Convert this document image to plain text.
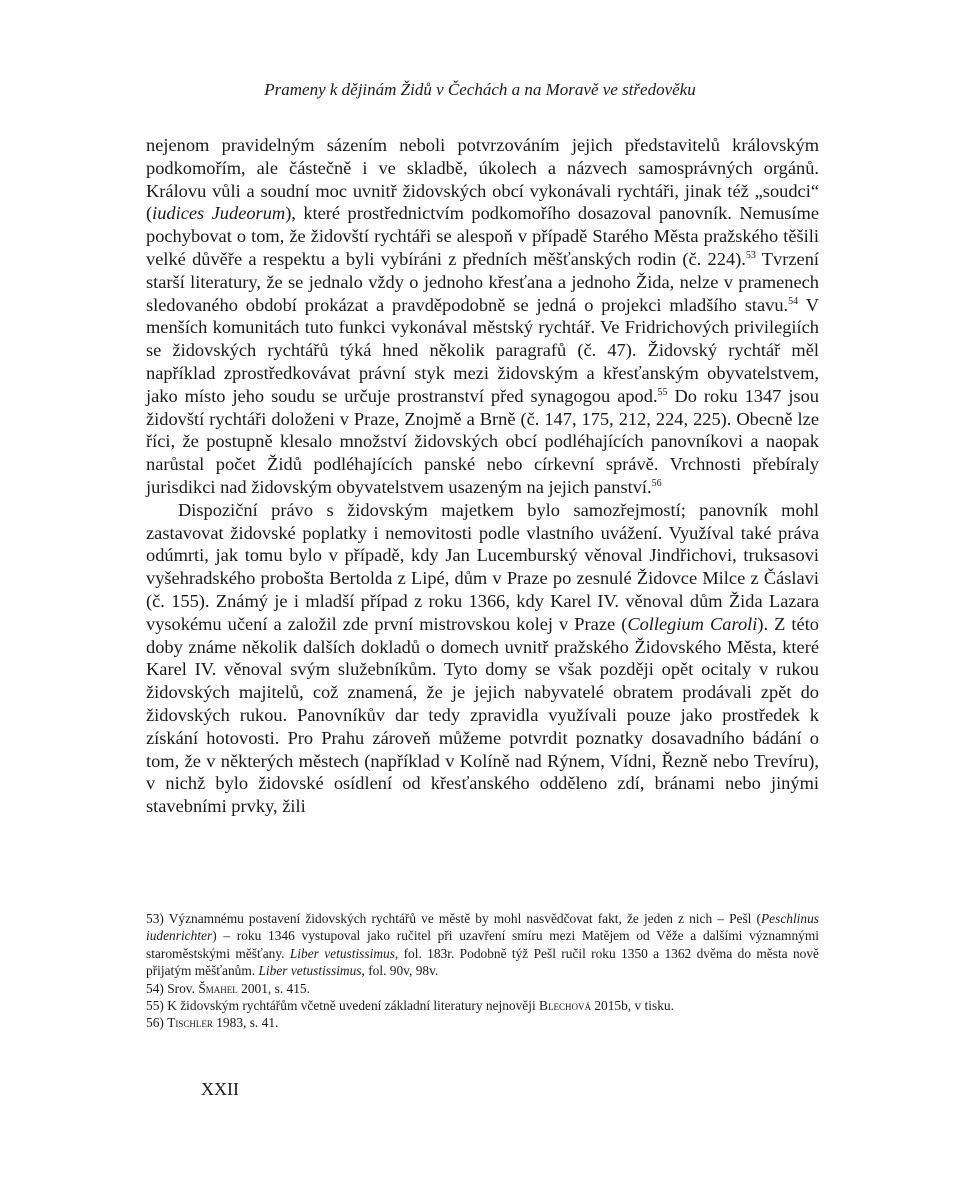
Prameny k dějinám Židů v Čechách a na Moravě ve středověku

nejenom pravidelným sázením neboli potvrzováním jejich představitelů královským podkomořím, ale částečně i ve skladbě, úkolech a názvech samosprávných orgánů. Královu vůli a soudní moc uvnitř židovských obcí vykonávali rychtáři, jinak též „soudci“ (iudices Judeorum), které prostřednictvím podkomořího dosazoval panovník. Nemusíme pochybovat o tom, že židovští rychtáři se alespoň v případě Starého Města pražského těšili velké důvěře a respektu a byli vybíráni z předních měšťanských rodin (č. 224).$^{53}$ Tvrzení starší literatury, že se jednalo vždy o jednoho křesťana a jednoho Žida, nelze v pramenech sledovaného období prokázat a pravděpodobně se jedná o projekci mladšího stavu.$^{54}$ V menších komunitách tuto funkci vykonával městský rychtář. Ve Fridrichových privilegiích se židovských rychtářů týká hned několik paragrafů (č. 47). Židovský rychtář měl například zprostředkovávat právní styk mezi židovským a křesťanským obyvatelstvem, jako místo jeho soudu se určuje prostranství před synagogou apod.$^{55}$ Do roku 1347 jsou židovští rychtáři doloženi v Praze, Znojmě a Brně (č. 147, 175, 212, 224, 225). Obecně lze říci, že postupně klesalo množství židovských obcí podléhajících panovníkovi a naopak narůstal počet Židů podléhajících panské nebo církevní správě. Vrchnosti přebíraly jurisdikci nad židovským obyvatelstvem usazeným na jejich panství.$^{56}$

Dispoziční právo s židovským majetkem bylo samozřejmostí; panovník mohl zastavovat židovské poplatky i nemovitosti podle vlastního uvážení. Využíval také práva odúmrti, jak tomu bylo v případě, kdy Jan Lucemburský věnoval Jindřichovi, truksasovi vyšehradského probošta Bertolda z Lipé, dům v Praze po zesnulé Židovce Milce z Čáslavi (č. 155). Známý je i mladší případ z roku 1366, kdy Karel IV. věnoval dům Žida Lazara vysokému učení a založil zde první mistrovskou kolej v Praze (Collegium Caroli). Z této doby známe několik dalších dokladů o domech uvnitř pražského Židovského Města, které Karel IV. věnoval svým služebníkům. Tyto domy se však později opět ocitaly v rukou židovských majitelů, což znamená, že je jejich nabyvatelé obratem prodávali zpět do židovských rukou. Panovníkův dar tedy zpravidla využívali pouze jako prostředek k získání hotovosti. Pro Prahu zároveň můžeme potvrdit poznatky dosavadního bádání o tom, že v některých městech (například v Kolíně nad Rýnem, Vídni, Řezně nebo Trevíru), v nichž bylo židovské osídlení od křesťanského odděleno zdí, bránami nebo jinými stavebními prvky, žili

53) Významnému postavení židovských rychtářů ve městě by mohl nasvědčovat fakt, že jeden z nich – Pešl (Peschlinus iudenrichter) – roku 1346 vystupoval jako ručitel při uzavření smíru mezi Matějem od Věže a dalšími významnými staroměstskými měšťany. Liber vetustissimus, fol. 183r. Podobně týž Pešl ručil roku 1350 a 1362 dvěma do města nově přijatým měšťanům. Liber vetustissimus, fol. 90v, 98v.

54) Srov. Šmahel 2001, s. 415.

55) K židovským rychtářům včetně uvedení základní literatury nejnověji Blechová 2015b, v tisku.

56) Tischler 1983, s. 41.

XXII
